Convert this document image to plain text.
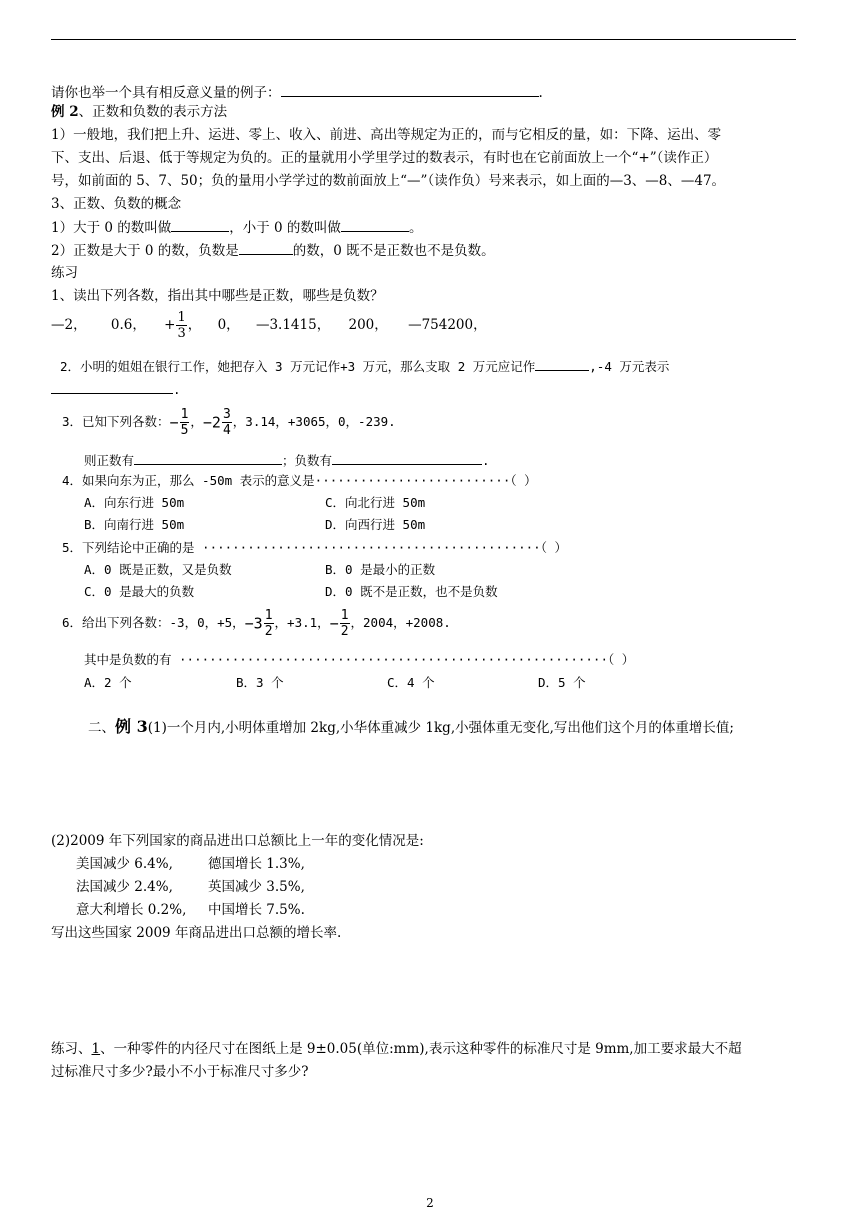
请你也举一个具有相反意义量的例子：	.
例 2、正数和负数的表示方法
1）一般地，我们把上升、运进、零上、收入、前进、高出等规定为正的，而与它相反的量，如：下降、运出、零
下、支出、后退、低于等规定为负的。正的量就用小学里学过的数表示，有时也在它前面放上一个“+”（读作正）
号，如前面的 5、7、50；负的量用小学学过的数前面放上“—”（读作负）号来表示，如上面的—3、—8、—47。
3、正数、负数的概念
1）大于 0 的数叫做	，小于 0 的数叫做	。
2）正数是大于 0 的数，负数是	的数，0 既不是正数也不是负数。
练习
1、读出下列各数，指出其中哪些是正数，哪些是负数？
—2， 0.6， + $\frac{1}{3}$ ， 0， —3.1415， 200， —754200，
2．小明的姐姐在银行工作，她把存入 3 万元记作+3 万元，那么支取 2 万元应记作	,-4 万元表示
.
3．已知下列各数：− $\frac{1}{5}$ ，$-2 \frac{3}{4}$ ，3.14，+3065，0，-239.
则正数有	；负数有	.
4．如果向东为正，那么 -50m 表示的意义是··························（ ）
A．向东行进 50m	C．向北行进 50m
B．向南行进 50m	D．向西行进 50m
5．下列结论中正确的是 ·············································（ ）
A．0 既是正数，又是负数	B．0 是最小的正数
C．0 是最大的负数	D．0 既不是正数，也不是负数
6．给出下列各数：-3，0，+5，$-3 \frac{1}{2}$ ，+3.1，− $\frac{1}{2}$ ，2004，+2008.
其中是负数的有 ·························································（ ）
A．2 个	B．3 个	C．4 个	D．5 个
二、例 3(1)一个月内,小明体重增加 2kg,小华体重减少 1kg,小强体重无变化,写出他们这个月的体重增长值;
(2)2009 年下列国家的商品进出口总额比上一年的变化情况是:
美国减少 6.4%,	德国增长 1.3%,
法国减少 2.4%,	英国减少 3.5%,
意大利增长 0.2%, 中国增长 7.5%.
写出这些国家 2009 年商品进出口总额的增长率.
练习、1、一种零件的内径尺寸在图纸上是 9±0.05(单位:mm),表示这种零件的标准尺寸是 9mm,加工要求最大不超
过标准尺寸多少?最小不小于标准尺寸多少?
2
